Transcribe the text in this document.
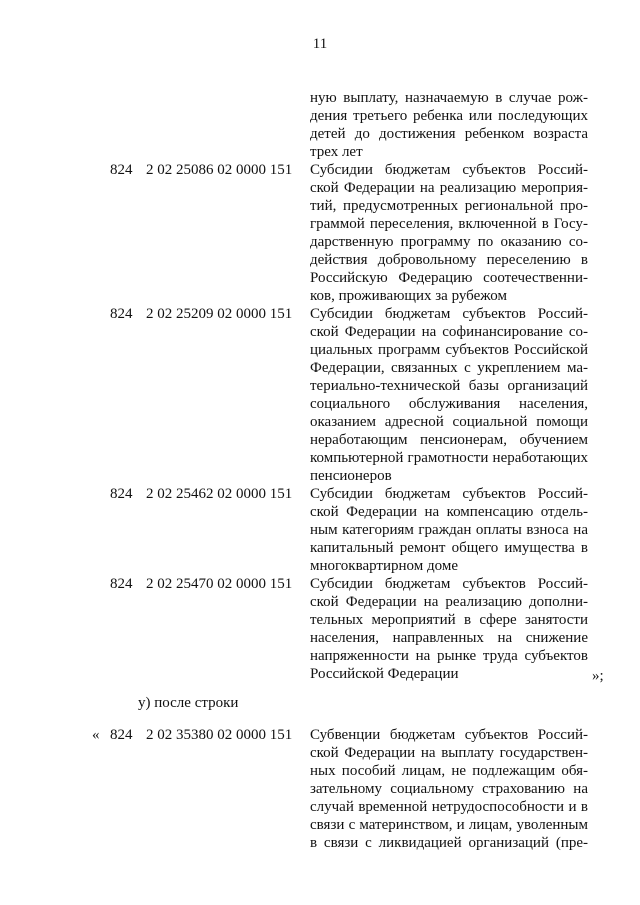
11
ную выплату, назначаемую в случае рож-
дения третьего ребенка или последующих
детей до достижения ребенком возраста
трех лет
824 2 02 25086 02 0000 151 Субсидии бюджетам субъектов Россий-
ской Федерации на реализацию мероприя-
тий, предусмотренных региональной про-
граммой переселения, включенной в Госу-
дарственную программу по оказанию со-
действия добровольному переселению в
Российскую Федерацию соотечественни-
ков, проживающих за рубежом
824 2 02 25209 02 0000 151 Субсидии бюджетам субъектов Россий-
ской Федерации на софинансирование со-
циальных программ субъектов Российской
Федерации, связанных с укреплением ма-
териально-технической базы организаций
социального обслуживания населения,
оказанием адресной социальной помощи
неработающим пенсионерам, обучением
компьютерной грамотности неработающих
пенсионеров
824 2 02 25462 02 0000 151 Субсидии бюджетам субъектов Россий-
ской Федерации на компенсацию отдель-
ным категориям граждан оплаты взноса на
капитальный ремонт общего имущества в
многоквартирном доме
824 2 02 25470 02 0000 151 Субсидии бюджетам субъектов Россий-
ской Федерации на реализацию дополни-
тельных мероприятий в сфере занятости
населения, направленных на снижение
напряженности на рынке труда субъектов
Российской Федерации	»;
у) после строки
« 824 2 02 35380 02 0000 151 Субвенции бюджетам субъектов Россий-
ской Федерации на выплату государствен-
ных пособий лицам, не подлежащим обя-
зательному социальному страхованию на
случай временной нетрудоспособности и в
связи с материнством, и лицам, уволенным
в связи с ликвидацией организаций (пре-
